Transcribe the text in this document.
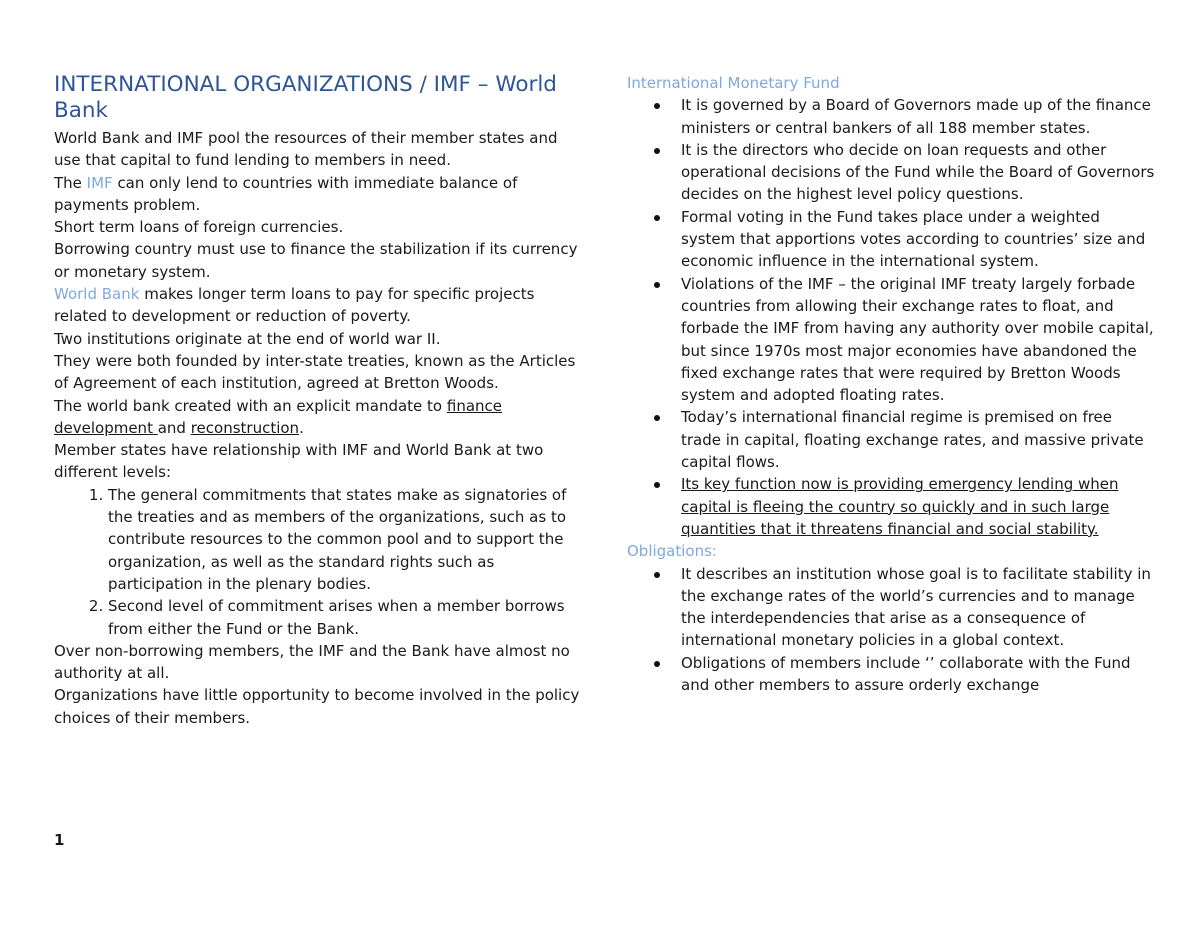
INTERNATIONAL ORGANIZATIONS / IMF – World Bank

World Bank and IMF pool the resources of their member states and use that capital to fund lending to members in need.

The IMF can only lend to countries with immediate balance of payments problem.

Short term loans of foreign currencies.

Borrowing country must use to finance the stabilization if its currency or monetary system.

World Bank makes longer term loans to pay for specific projects related to development or reduction of poverty.

Two institutions originate at the end of world war II.

They were both founded by inter-state treaties, known as the Articles of Agreement of each institution, agreed at Bretton Woods.

The world bank created with an explicit mandate to finance development and reconstruction.

Member states have relationship with IMF and World Bank at two different levels:

1. The general commitments that states make as signatories of the treaties and as members of the organizations, such as to contribute resources to the common pool and to support the organization, as well as the standard rights such as participation in the plenary bodies.
2. Second level of commitment arises when a member borrows from either the Fund or the Bank.

Over non-borrowing members, the IMF and the Bank have almost no authority at all.

Organizations have little opportunity to become involved in the policy choices of their members.

International Monetary Fund

It is governed by a Board of Governors made up of the finance ministers or central bankers of all 188 member states.
It is the directors who decide on loan requests and other operational decisions of the Fund while the Board of Governors decides on the highest level policy questions.
Formal voting in the Fund takes place under a weighted system that apportions votes according to countries’ size and economic influence in the international system.
Violations of the IMF – the original IMF treaty largely forbade countries from allowing their exchange rates to float, and forbade the IMF from having any authority over mobile capital, but since 1970s most major economies have abandoned the fixed exchange rates that were required by Bretton Woods system and adopted floating rates.
Today’s international financial regime is premised on free trade in capital, floating exchange rates, and massive private capital flows.
Its key function now is providing emergency lending when capital is fleeing the country so quickly and in such large quantities that it threatens financial and social stability.

Obligations:

It describes an institution whose goal is to facilitate stability in the exchange rates of the world’s currencies and to manage the interdependencies that arise as a consequence of international monetary policies in a global context.
Obligations of members include ‘’ collaborate with the Fund and other members to assure orderly exchange
1
